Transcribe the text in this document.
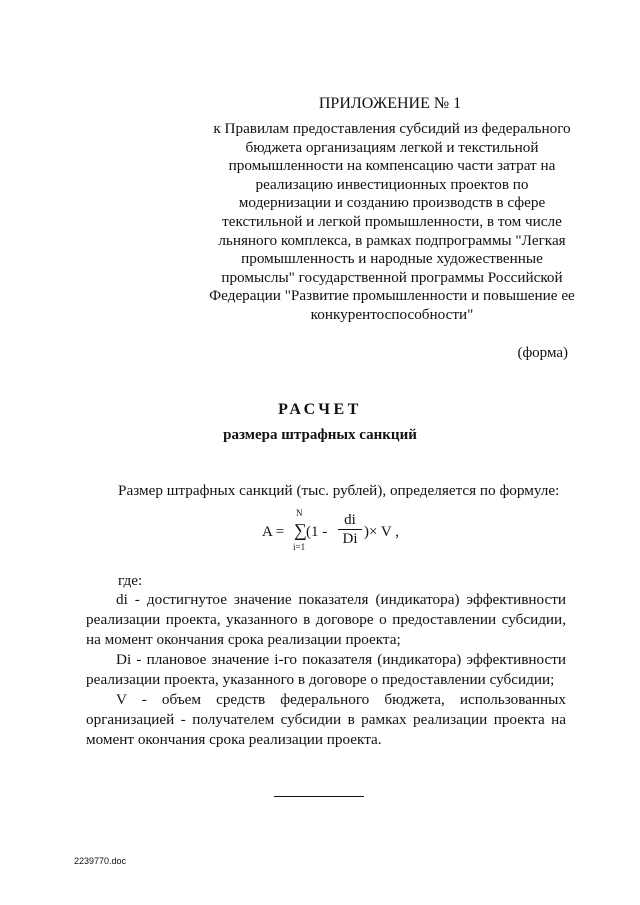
ПРИЛОЖЕНИЕ № 1
к Правилам предоставления субсидий из федерального бюджета организациям легкой и текстильной промышленности на компенсацию части затрат на реализацию инвестиционных проектов по модернизации и созданию производств в сфере текстильной и легкой промышленности, в том числе льняного комплекса, в рамках подпрограммы "Легкая промышленность и народные художественные промыслы" государственной программы Российской Федерации "Развитие промышленности и повышение ее конкурентоспособности"
(форма)
РАСЧЕТ
размера штрафных санкций
Размер штрафных санкций (тыс. рублей), определяется по формуле:
A =
N
∑
i=1
(1 -
di
Di )× V ,
где:

di - достигнутое значение показателя (индикатора) эффективности реализации проекта, указанного в договоре о предоставлении субсидии, на момент окончания срока реализации проекта;

Di - плановое значение i-го показателя (индикатора) эффективности реализации проекта, указанного в договоре о предоставлении субсидии;

V - объем средств федерального бюджета, использованных организацией - получателем субсидии в рамках реализации проекта на момент окончания срока реализации проекта.

2239770.doc
